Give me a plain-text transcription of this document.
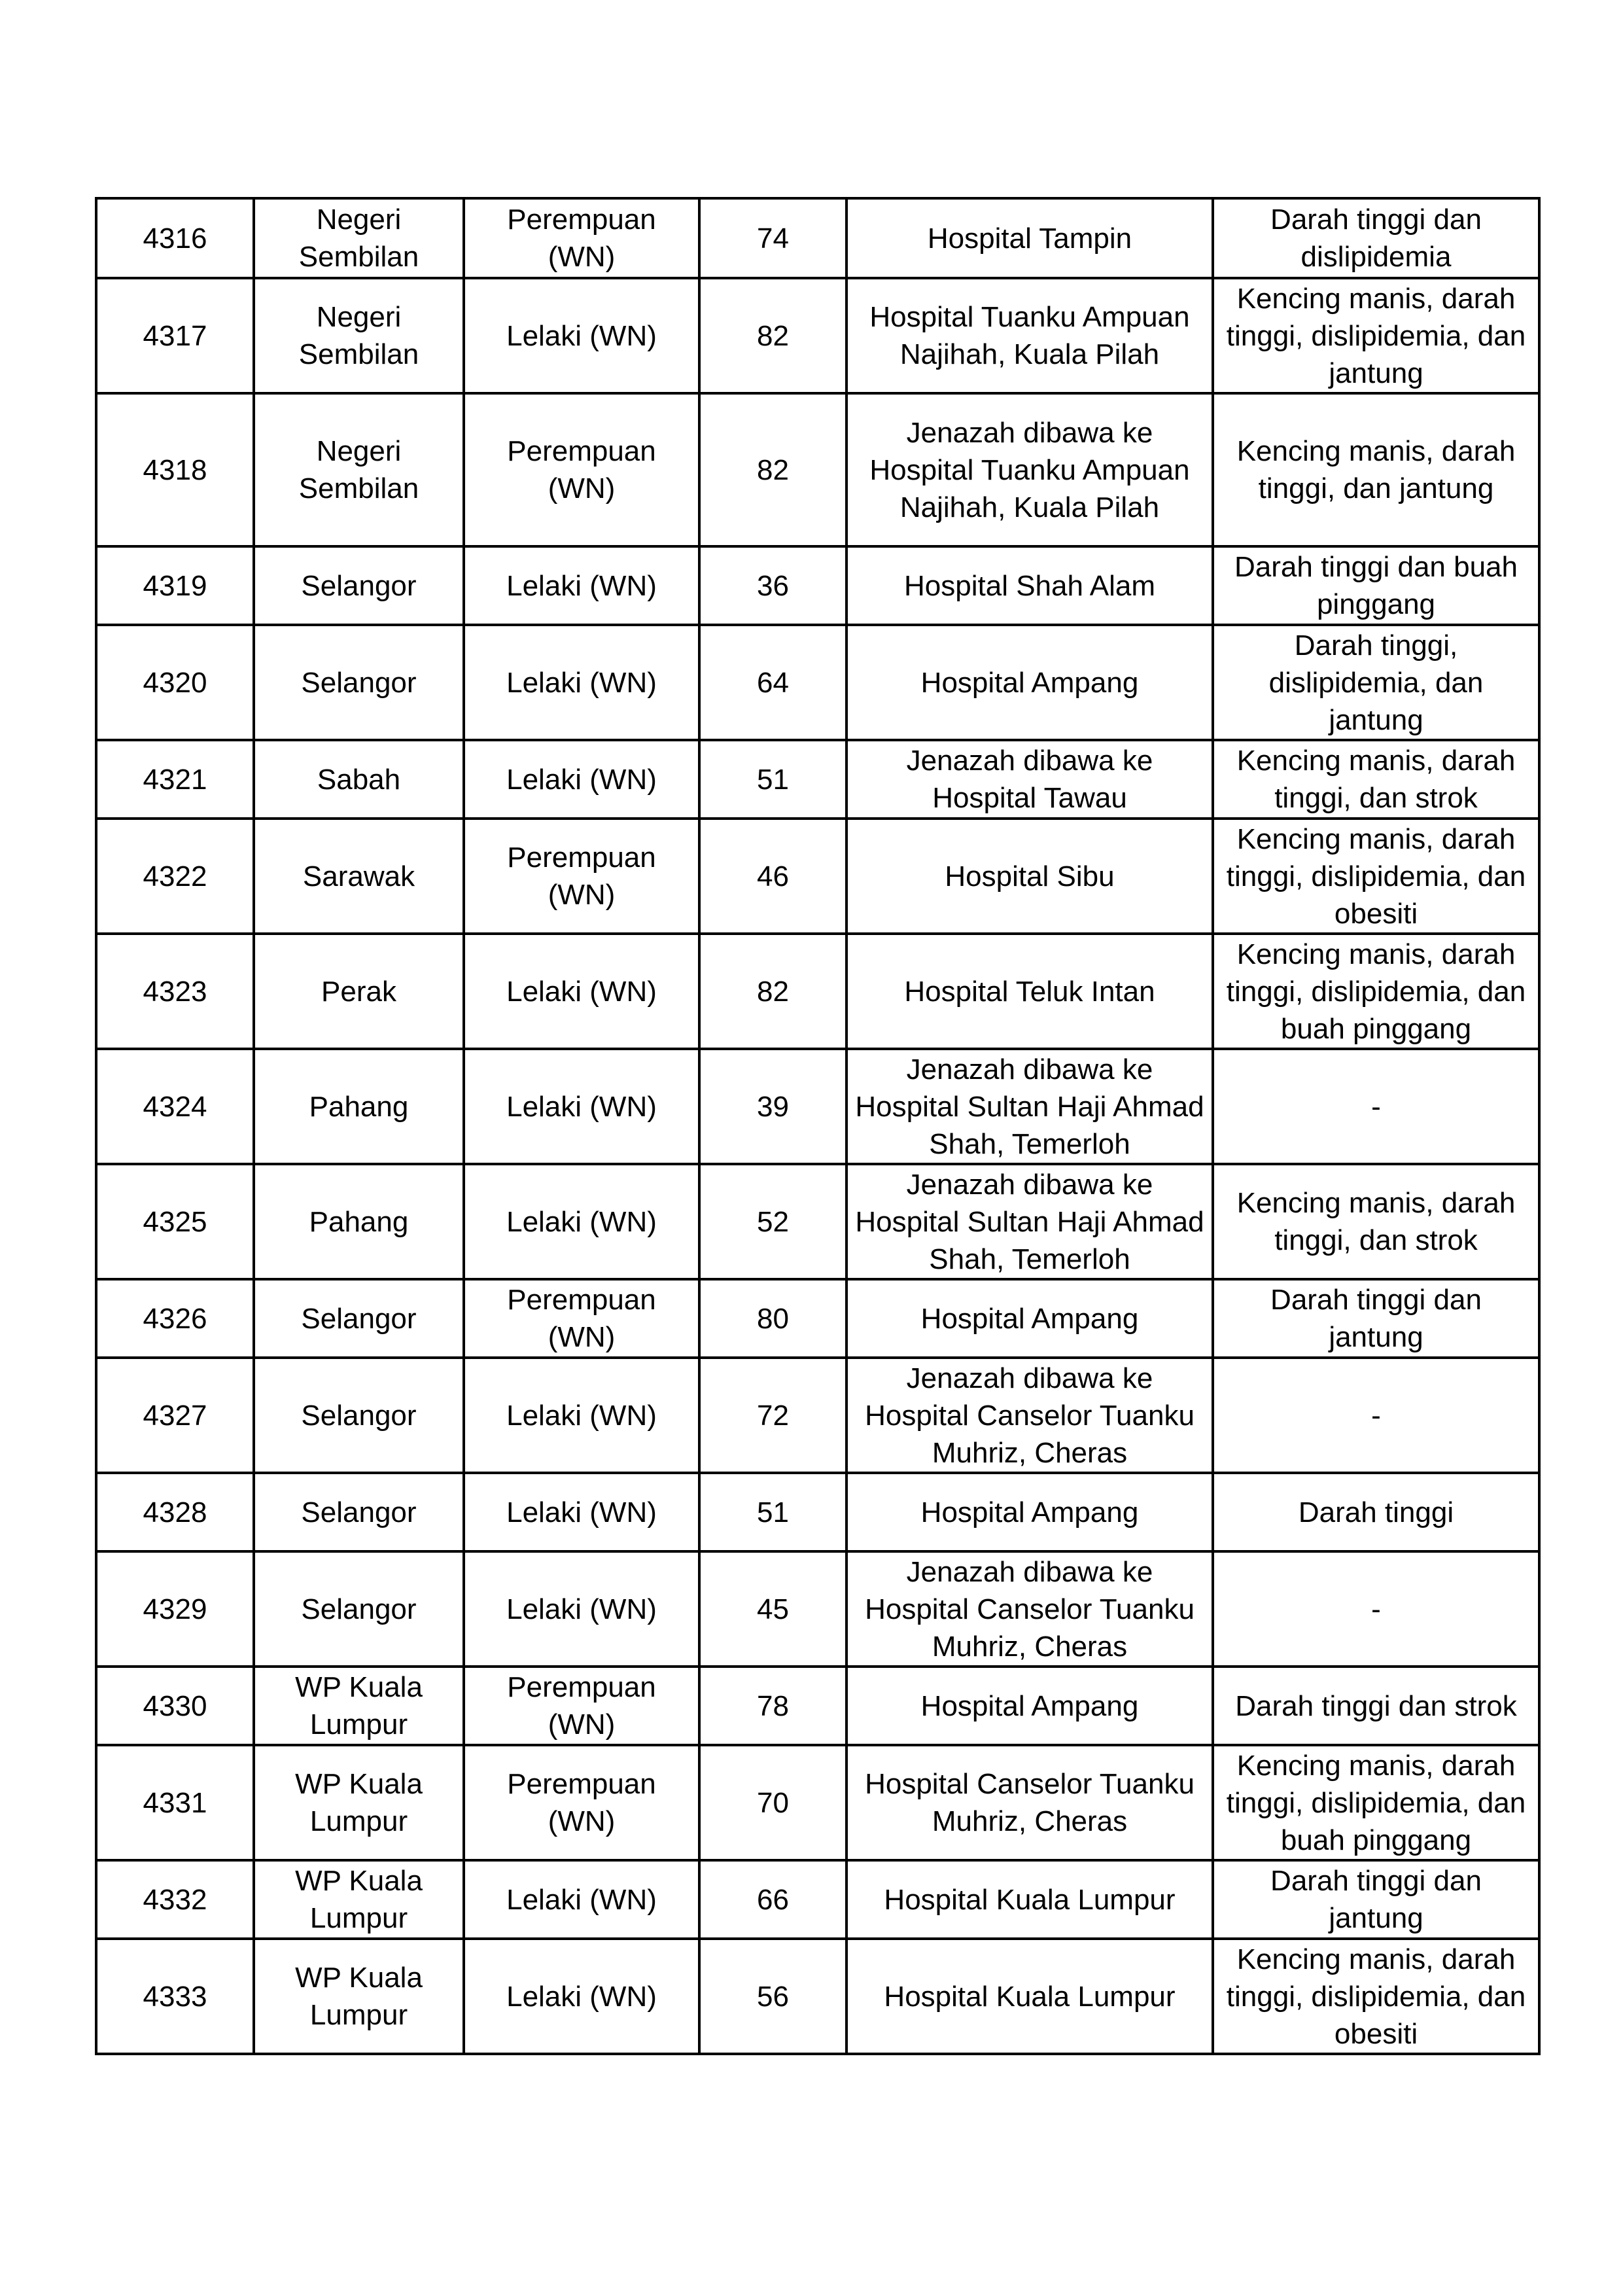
4316	Negeri Sembilan	Perempuan (WN)	74	Hospital Tampin	Darah tinggi dan dislipidemia
4317	Negeri Sembilan	Lelaki (WN)	82	Hospital Tuanku Ampuan Najihah, Kuala Pilah	Kencing manis, darah tinggi, dislipidemia, dan jantung
4318	Negeri Sembilan	Perempuan (WN)	82	Jenazah dibawa ke Hospital Tuanku Ampuan Najihah, Kuala Pilah	Kencing manis, darah tinggi, dan jantung
4319	Selangor	Lelaki (WN)	36	Hospital Shah Alam	Darah tinggi dan buah pinggang
4320	Selangor	Lelaki (WN)	64	Hospital Ampang	Darah tinggi, dislipidemia, dan jantung
4321	Sabah	Lelaki (WN)	51	Jenazah dibawa ke Hospital Tawau	Kencing manis, darah tinggi, dan strok
4322	Sarawak	Perempuan (WN)	46	Hospital Sibu	Kencing manis, darah tinggi, dislipidemia, dan obesiti
4323	Perak	Lelaki (WN)	82	Hospital Teluk Intan	Kencing manis, darah tinggi, dislipidemia, dan buah pinggang
4324	Pahang	Lelaki (WN)	39	Jenazah dibawa ke Hospital Sultan Haji Ahmad Shah, Temerloh	-
4325	Pahang	Lelaki (WN)	52	Jenazah dibawa ke Hospital Sultan Haji Ahmad Shah, Temerloh	Kencing manis, darah tinggi, dan strok
4326	Selangor	Perempuan (WN)	80	Hospital Ampang	Darah tinggi dan jantung
4327	Selangor	Lelaki (WN)	72	Jenazah dibawa ke Hospital Canselor Tuanku Muhriz, Cheras	-
4328	Selangor	Lelaki (WN)	51	Hospital Ampang	Darah tinggi
4329	Selangor	Lelaki (WN)	45	Jenazah dibawa ke Hospital Canselor Tuanku Muhriz, Cheras	-
4330	WP Kuala Lumpur	Perempuan (WN)	78	Hospital Ampang	Darah tinggi dan strok
4331	WP Kuala Lumpur	Perempuan (WN)	70	Hospital Canselor Tuanku Muhriz, Cheras	Kencing manis, darah tinggi, dislipidemia, dan buah pinggang
4332	WP Kuala Lumpur	Lelaki (WN)	66	Hospital Kuala Lumpur	Darah tinggi dan jantung
4333	WP Kuala Lumpur	Lelaki (WN)	56	Hospital Kuala Lumpur	Kencing manis, darah tinggi, dislipidemia, dan obesiti
